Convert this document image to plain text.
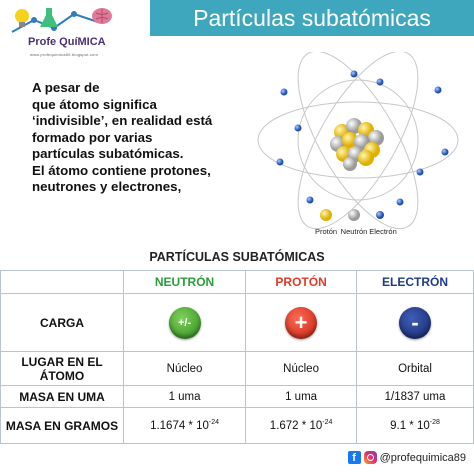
Partículas subatómicas
Profe QuíMICA
www.profequimica89.blogspot.com
A pesar de
que átomo significa
‘indivisible’, en realidad está
formado por varias
partículas subatómicas.
El átomo contiene protones,
neutrones y electrones,
Protón Neutrón Electrón
PARTÍCULAS SUBATÓMICAS
	NEUTRÓN	PROTÓN	ELECTRÓN
CARGA	+/-	+	-

LUGAR EN EL ÁTOMO	Núcleo	Núcleo	Orbital
MASA EN UMA	1 uma	1 uma	1/1837 uma
MASA EN GRAMOS	$1.1674 * 10^{-24}$	$1.672 * 10^{-24}$	$9.1 * 10^{-28}$
f	@profequimica89
